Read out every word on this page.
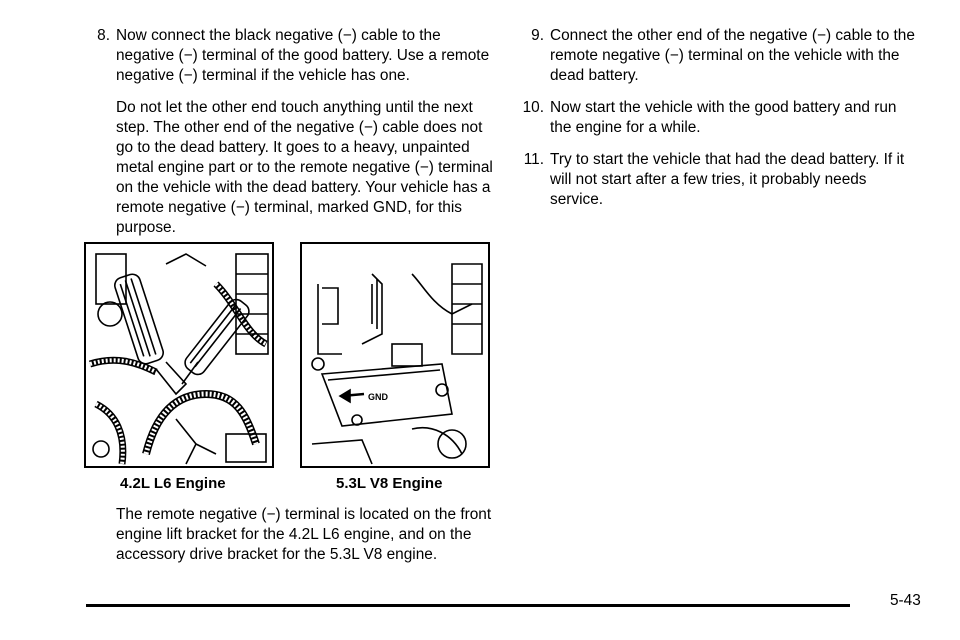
8. Now connect the black negative (−) cable to the negative (−) terminal of the good battery. Use a remote negative (−) terminal if the vehicle has one.

Do not let the other end touch anything until the next step. The other end of the negative (−) cable does not go to the dead battery. It goes to a heavy, unpainted metal engine part or to the remote negative (−) terminal on the vehicle with the dead battery. Your vehicle has a remote negative (−) terminal, marked GND, for this purpose.

GND
4.2L L6 Engine	5.3L V8 Engine

The remote negative (−) terminal is located on the front engine lift bracket for the 4.2L L6 engine, and on the accessory drive bracket for the 5.3L V8 engine.

9. Connect the other end of the negative (−) cable to the remote negative (−) terminal on the vehicle with the dead battery.
10. Now start the vehicle with the good battery and run the engine for a while.
11. Try to start the vehicle that had the dead battery. If it will not start after a few tries, it probably needs service.
5-43
